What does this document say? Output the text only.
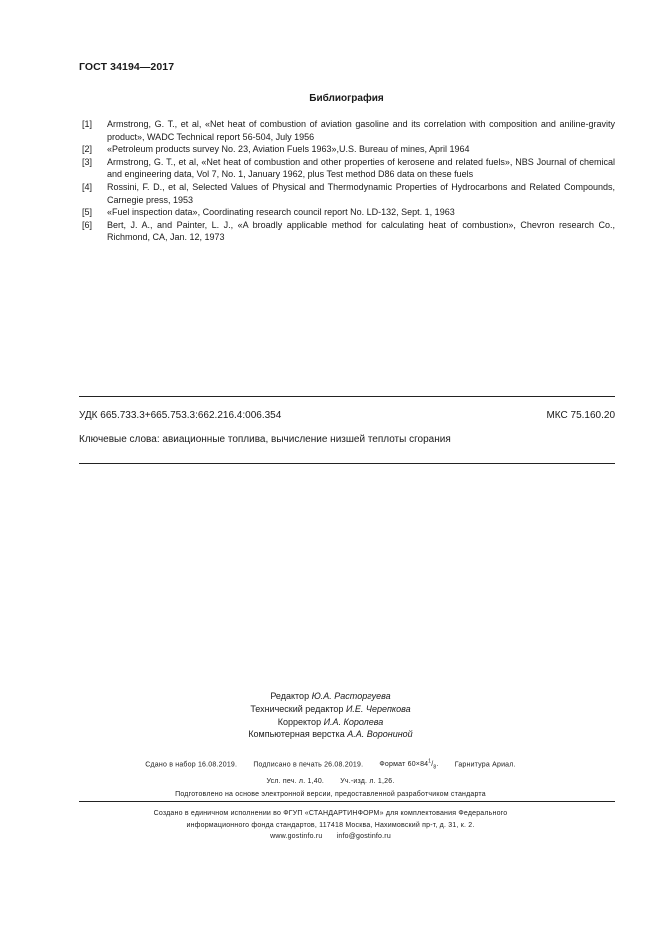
ГОСТ 34194—2017
Библиография
[1]	Armstrong, G. T., et al, «Net heat of combustion of aviation gasoline and its correlation with composition and aniline-gravity product», WADC Technical report 56-504, July 1956
[2]	«Petroleum products survey No. 23, Aviation Fuels 1963»,U.S. Bureau of mines, April 1964
[3]	Armstrong, G. T., et al, «Net heat of combustion and other properties of kerosene and related fuels», NBS Journal of chemical and engineering data, Vol 7, No. 1, January 1962, plus Test method D86 data on these fuels
[4]	Rossini, F. D., et al, Selected Values of Physical and Thermodynamic Properties of Hydrocarbons and Related Compounds, Carnegie press, 1953
[5]	«Fuel inspection data», Coordinating research council report No. LD-132, Sept. 1, 1963
[6]	Bert, J. A., and Painter, L. J., «A broadly applicable method for calculating heat of combustion», Chevron research Co., Richmond, CA, Jan. 12, 1973
УДК 665.733.3+665.753.3:662.216.4:006.354	МКС 75.160.20
Ключевые слова: авиационные топлива, вычисление низшей теплоты сгорания
Редактор Ю.А. Расторгуева
Технический редактор И.Е. Черепкова
Корректор И.А. Королева
Компьютерная верстка А.А. Ворониной
Сдано в набор 16.08.2019. Подписано в печать 26.08.2019. Формат $60\times 84^1/_8$. Гарнитура Ариал.
Усл. печ. л. 1,40. Уч.-изд. л. 1,26.
Подготовлено на основе электронной версии, предоставленной разработчиком стандарта
Создано в единичном исполнении во ФГУП «СТАНДАРТИНФОРМ» для комплектования Федерального
информационного фонда стандартов, 117418 Москва, Нахимовский пр-т, д. 31, к. 2.
www.gostinfo.ru info@gostinfo.ru
